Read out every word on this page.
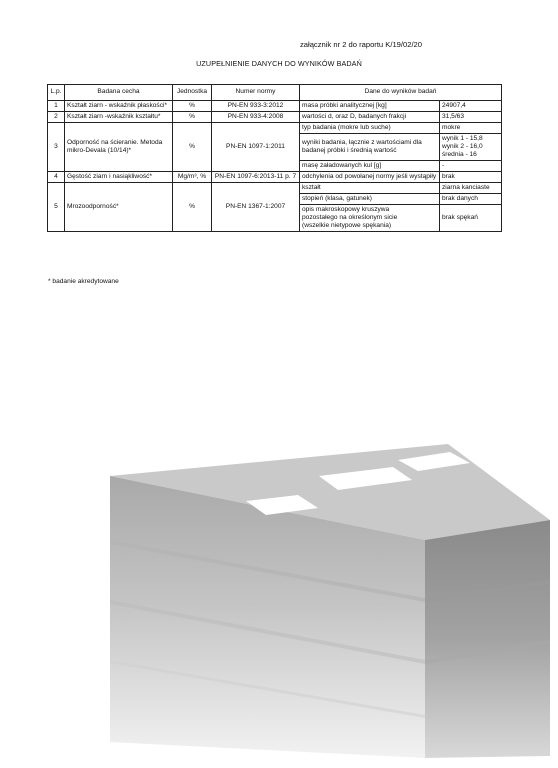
załącznik nr 2 do raportu K/19/02/20
UZUPEŁNIENIE DANYCH DO WYNIKÓW BADAŃ
L.p.	Badana cecha	Jednostka	Numer normy	Dane do wyników badań	
1	Kształt ziarn - wskaźnik płaskości*	%	PN-EN 933-3:2012	masa próbki analitycznej [kg]	24907,4
2	Kształt ziarn -wskaźnik kształtu*	%	PN-EN 933-4:2008	wartości d, oraz D, badanych frakcji	31,5/63
3	Odporność na ścieranie. Metoda mikro-Devala (10/14)*	%	PN-EN 1097-1:2011	typ badania (mokre lub suche)	mokre
				wyniki badania, łącznie z wartościami dla badanej próbki i średnią wartość	wynik 1 - 15,8
wynik 2 - 16,0
średnia - 16

				masę załadowanych kul [g]	-
4	Gęstość ziarn i nasiąkliwość*	Mg/m³, %	PN-EN 1097-6:2013-11 p. 7	odchylenia od powołanej normy jeśli wystąpiły	brak
5	Mrozoodporność*	%	PN-EN 1367-1:2007	kształt	ziarna kanciaste
				stopień (klasa, gatunek)	brak danych

				opis makroskopowy kruszywa
pozostałego na określonym sicie
(wszelkie nietypowe spękania)	brak spękań
* badanie akredytowane
